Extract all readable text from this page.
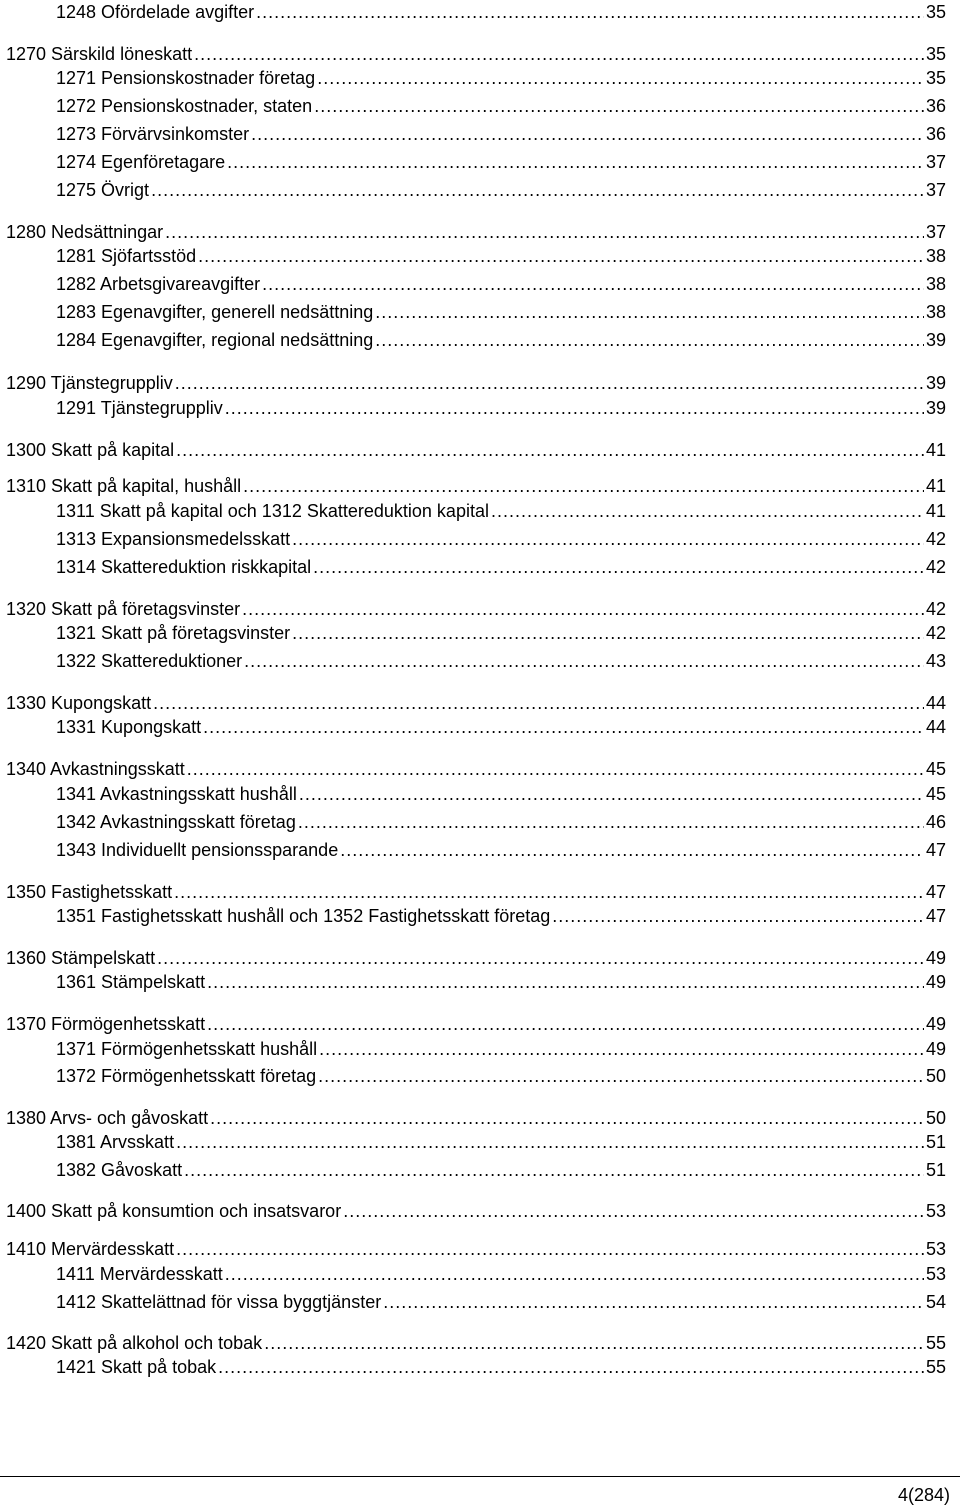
1248 Ofördelade avgifter .....	35
1270 Särskild löneskatt .....	35
1271 Pensionskostnader företag .....	35
1272 Pensionskostnader, staten .....	36
1273 Förvärvsinkomster .....	36
1274 Egenföretagare .....	37
1275 Övrigt .....	37
1280 Nedsättningar .....	37
1281 Sjöfartsstöd .....	38
1282 Arbetsgivareavgifter .....	38
1283 Egenavgifter, generell nedsättning .....	38
1284 Egenavgifter, regional nedsättning .....	39
1290 Tjänstegruppliv .....	39
1291 Tjänstegruppliv .....	39
1300 Skatt på kapital .....	41
1310 Skatt på kapital, hushåll .....	41
1311 Skatt på kapital och 1312 Skattereduktion kapital .....	41
1313 Expansionsmedelsskatt .....	42
1314 Skattereduktion riskkapital .....	42
1320 Skatt på företagsvinster .....	42
1321 Skatt på företagsvinster .....	42
1322 Skattereduktioner .....	43
1330 Kupongskatt .....	44
1331 Kupongskatt .....	44
1340 Avkastningsskatt .....	45
1341 Avkastningsskatt hushåll .....	45
1342 Avkastningsskatt företag .....	46
1343 Individuellt pensionssparande .....	47
1350 Fastighetsskatt .....	47
1351 Fastighetsskatt hushåll och 1352 Fastighetsskatt företag .....	47
1360 Stämpelskatt .....	49
1361 Stämpelskatt .....	49
1370 Förmögenhetsskatt .....	49
1371 Förmögenhetsskatt hushåll .....	49
1372 Förmögenhetsskatt företag .....	50
1380 Arvs- och gåvoskatt .....	50
1381 Arvsskatt .....	51
1382 Gåvoskatt .....	51
1400 Skatt på konsumtion och insatsvaror .....	53
1410 Mervärdesskatt .....	53
1411 Mervärdesskatt .....	53
1412 Skattelättnad för vissa byggtjänster .....	54
1420 Skatt på alkohol och tobak .....	55
1421 Skatt på tobak .....	55
4(284)
